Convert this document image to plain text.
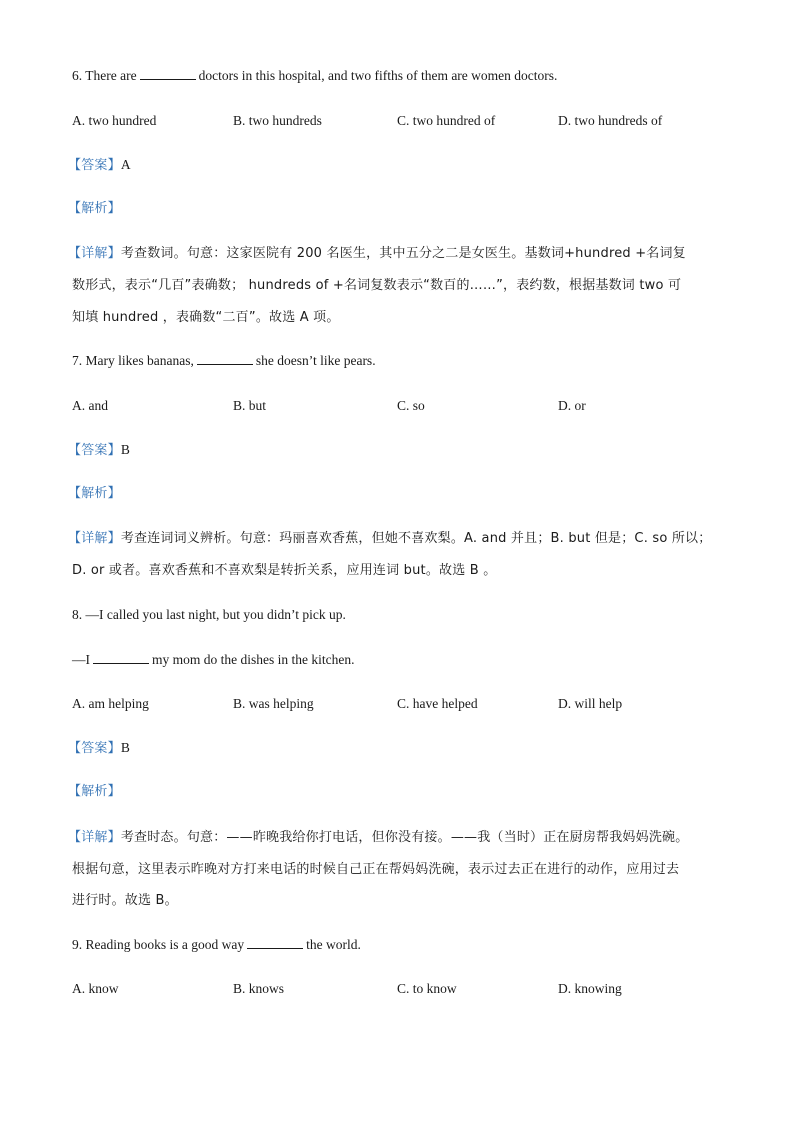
6. There are	doctors in this hospital, and two fifths of them are women doctors.
A. two hundred	B. two hundreds	C. two hundred of	D. two hundreds of
【答案】A
【解析】
【详解】考查数词。句意：这家医院有 200 名医生，其中五分之二是女医生。基数词+hundred +名词复
数形式，表示“几百”表确数； hundreds of +名词复数表示“数百的……”，表约数，根据基数词 two 可
知填 hundred ，表确数“二百”。故选 A 项。
7. Mary likes bananas,	she doesn’t like pears.
A. and	B. but	C. so	D. or
【答案】B
【解析】
【详解】考查连词词义辨析。句意：玛丽喜欢香蕉，但她不喜欢梨。A. and 并且；B. but 但是；C. so 所以；
D. or 或者。喜欢香蕉和不喜欢梨是转折关系，应用连词 but。故选 B 。
8. —I called you last night, but you didn’t pick up.
—I	my mom do the dishes in the kitchen.
A. am helping	B. was helping	C. have helped	D. will help
【答案】B
【解析】
【详解】考查时态。句意：——昨晚我给你打电话，但你没有接。——我（当时）正在厨房帮我妈妈洗碗。
根据句意，这里表示昨晚对方打来电话的时候自己正在帮妈妈洗碗，表示过去正在进行的动作，应用过去
进行时。故选 B。
9. Reading books is a good way	the world.
A. know	B. knows	C. to know	D. knowing
